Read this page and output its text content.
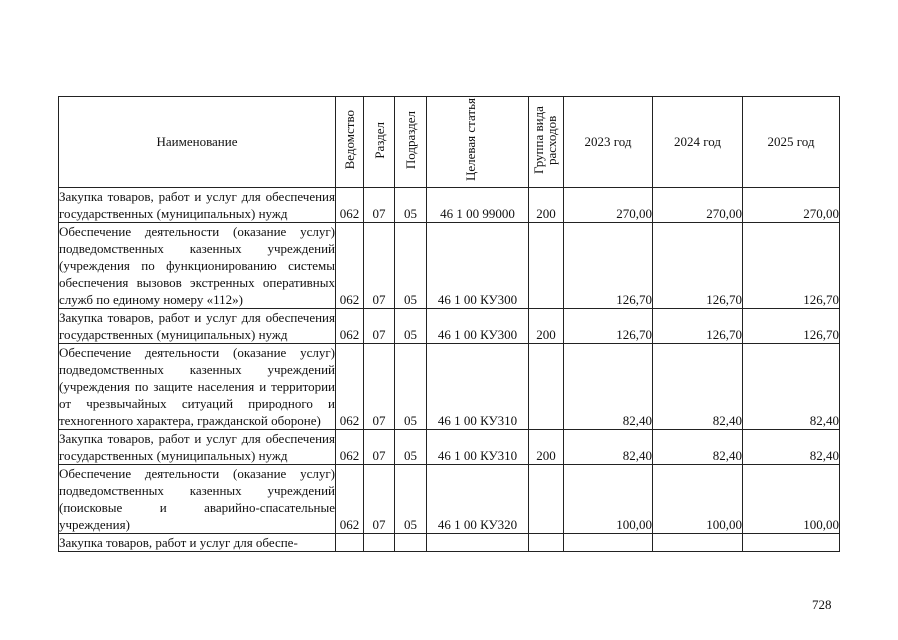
Наименование	Ведомство	Раздел	Подраздел	Целевая статья	Группа вида расходов	2023 год	2024 год	2025 год
Закупка товаров, работ и услуг для обеспечения государственных (муниципальных) нужд	062	07	05	46 1 00 99000	200	270,00	270,00	270,00
Обеспечение деятельности (оказание услуг) подведомственных казенных учреждений (учреждения по функционированию системы обеспечения вызовов экстренных оперативных служб по единому номеру «112»)	062	07	05	46 1 00 КУ300		126,70	126,70	126,70
Закупка товаров, работ и услуг для обеспечения государственных (муниципальных) нужд	062	07	05	46 1 00 КУ300	200	126,70	126,70	126,70
Обеспечение деятельности (оказание услуг) подведомственных казенных учреждений (учреждения по защите населения и территории от чрезвычайных ситуаций природного и техногенного характера, гражданской обороне)	062	07	05	46 1 00 КУ310		82,40	82,40	82,40
Закупка товаров, работ и услуг для обеспечения государственных (муниципальных) нужд	062	07	05	46 1 00 КУ310	200	82,40	82,40	82,40
Обеспечение деятельности (оказание услуг) подведомственных казенных учреждений (поисковые и аварийно-спасательные учреждения)	062	07	05	46 1 00 КУ320		100,00	100,00	100,00
Закупка товаров, работ и услуг для обеспе-								
728
